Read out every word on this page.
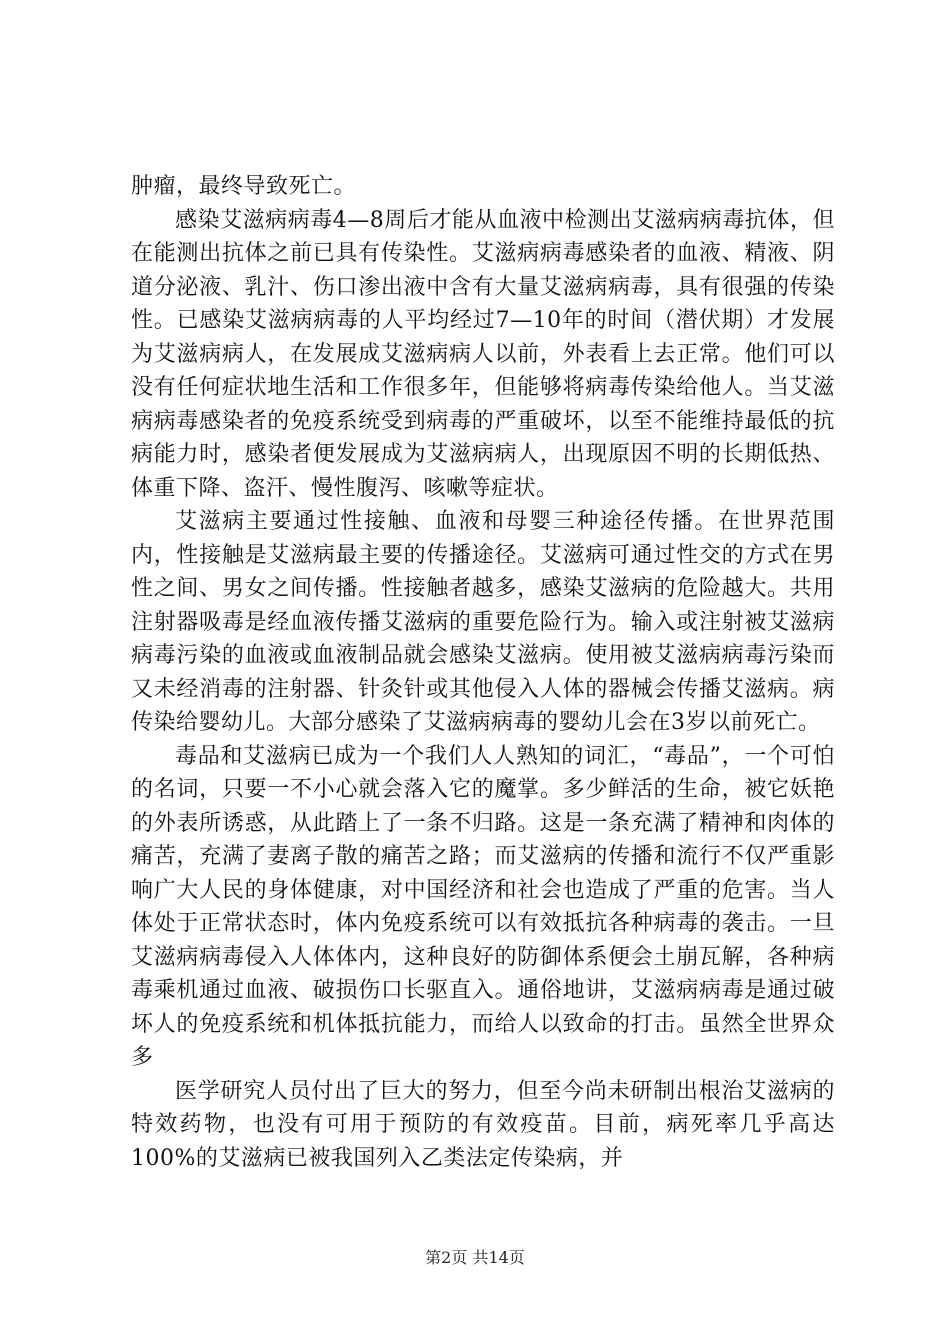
肿瘤，最终导致死亡。

感染艾滋病病毒4—8周后才能从血液中检测出艾滋病病毒抗体，但在能测出抗体之前已具有传染性。艾滋病病毒感染者的血液、精液、阴道分泌液、乳汁、伤口渗出液中含有大量艾滋病病毒，具有很强的传染性。已感染艾滋病病毒的人平均经过7—10年的时间（潜伏期）才发展为艾滋病病人，在发展成艾滋病病人以前，外表看上去正常。他们可以没有任何症状地生活和工作很多年，但能够将病毒传染给他人。当艾滋病病毒感染者的免疫系统受到病毒的严重破坏，以至不能维持最低的抗病能力时，感染者便发展成为艾滋病病人，出现原因不明的长期低热、体重下降、盗汗、慢性腹泻、咳嗽等症状。

艾滋病主要通过性接触、血液和母婴三种途径传播。在世界范围内，性接触是艾滋病最主要的传播途径。艾滋病可通过性交的方式在男性之间、男女之间传播。性接触者越多，感染艾滋病的危险越大。共用注射器吸毒是经血液传播艾滋病的重要危险行为。输入或注射被艾滋病病毒污染的血液或血液制品就会感染艾滋病。使用被艾滋病病毒污染而又未经消毒的注射器、针灸针或其他侵入人体的器械会传播艾滋病。病传染给婴幼儿。大部分感染了艾滋病病毒的婴幼儿会在3岁以前死亡。

毒品和艾滋病已成为一个我们人人熟知的词汇，“毒品”，一个可怕的名词，只要一不小心就会落入它的魔掌。多少鲜活的生命，被它妖艳的外表所诱惑，从此踏上了一条不归路。这是一条充满了精神和肉体的痛苦，充满了妻离子散的痛苦之路；而艾滋病的传播和流行不仅严重影响广大人民的身体健康，对中国经济和社会也造成了严重的危害。当人体处于正常状态时，体内免疫系统可以有效抵抗各种病毒的袭击。一旦艾滋病病毒侵入人体体内，这种良好的防御体系便会土崩瓦解，各种病毒乘机通过血液、破损伤口长驱直入。通俗地讲，艾滋病病毒是通过破坏人的免疫系统和机体抵抗能力，而给人以致命的打击。虽然全世界众多

医学研究人员付出了巨大的努力，但至今尚未研制出根治艾滋病的特效药物，也没有可用于预防的有效疫苗。目前，病死率几乎高达100%的艾滋病已被我国列入乙类法定传染病，并

第2页 共14页
